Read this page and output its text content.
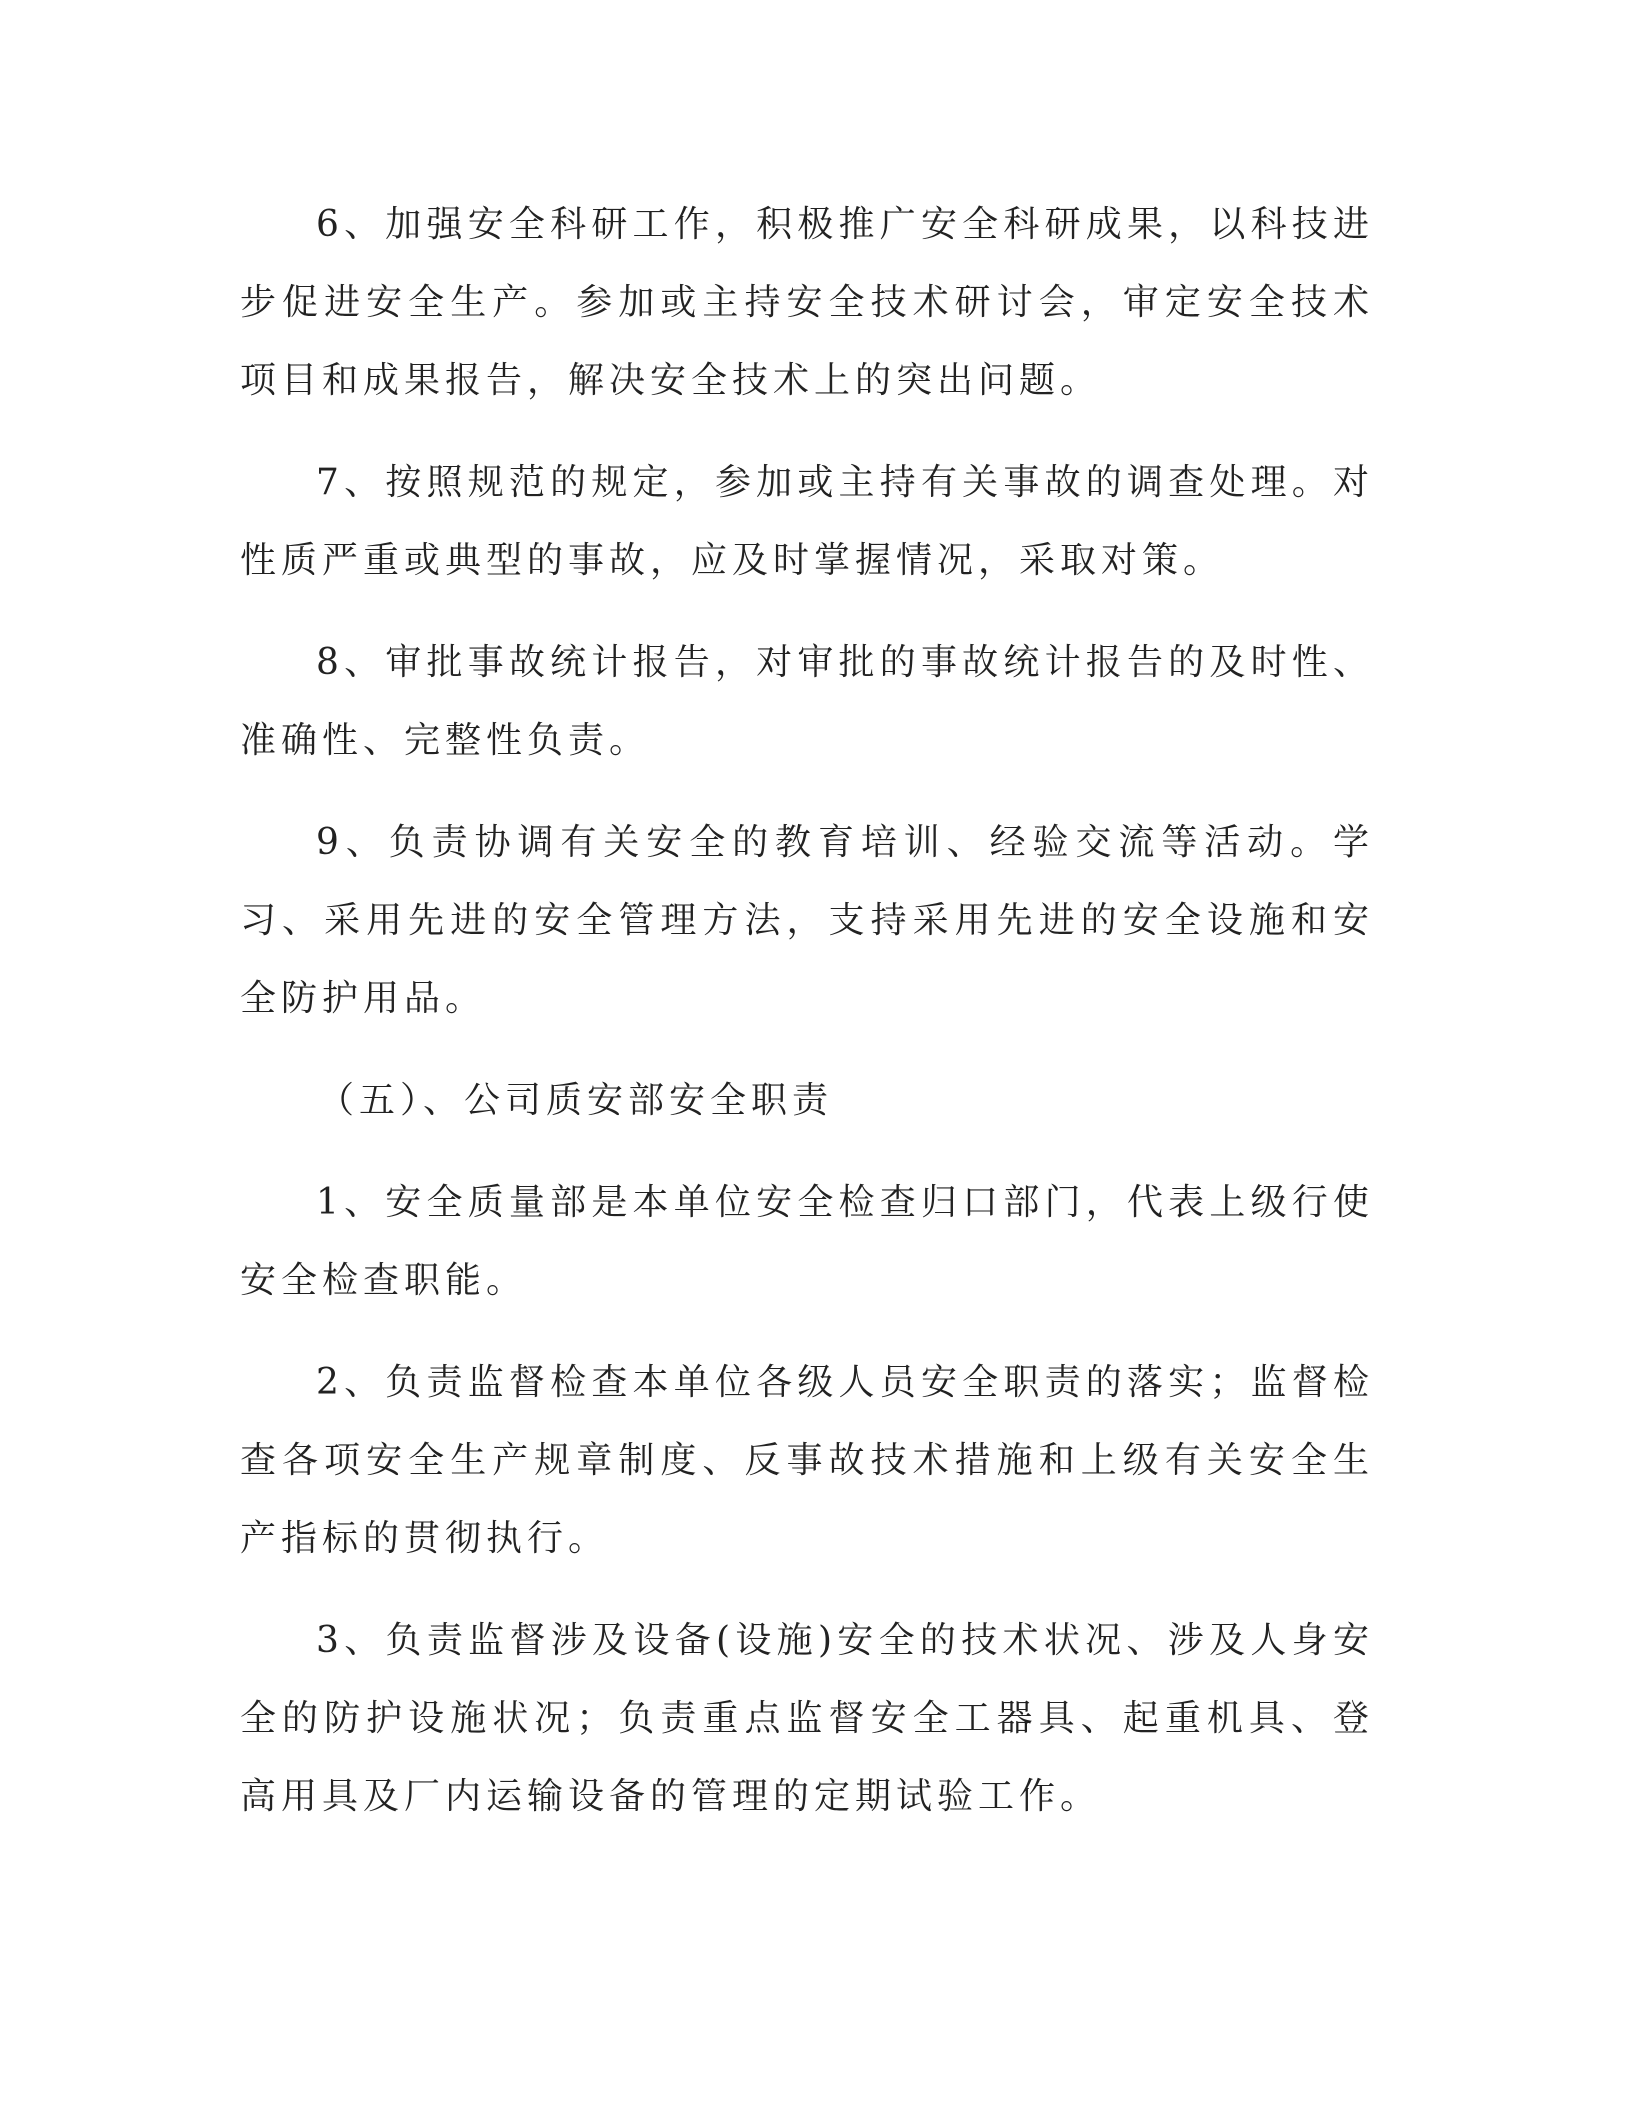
6、加强安全科研工作，积极推广安全科研成果，以科技进步促进安全生产。参加或主持安全技术研讨会，审定安全技术项目和成果报告，解决安全技术上的突出问题。

7、按照规范的规定，参加或主持有关事故的调查处理。对性质严重或典型的事故，应及时掌握情况，采取对策。

8、审批事故统计报告，对审批的事故统计报告的及时性、准确性、完整性负责。

9、负责协调有关安全的教育培训、经验交流等活动。学习、采用先进的安全管理方法，支持采用先进的安全设施和安全防护用品。

（五）、公司质安部安全职责

1、安全质量部是本单位安全检查归口部门，代表上级行使安全检查职能。

2、负责监督检查本单位各级人员安全职责的落实；监督检查各项安全生产规章制度、反事故技术措施和上级有关安全生产指标的贯彻执行。

3、负责监督涉及设备(设施)安全的技术状况、涉及人身安全的防护设施状况；负责重点监督安全工器具、起重机具、登高用具及厂内运输设备的管理的定期试验工作。
